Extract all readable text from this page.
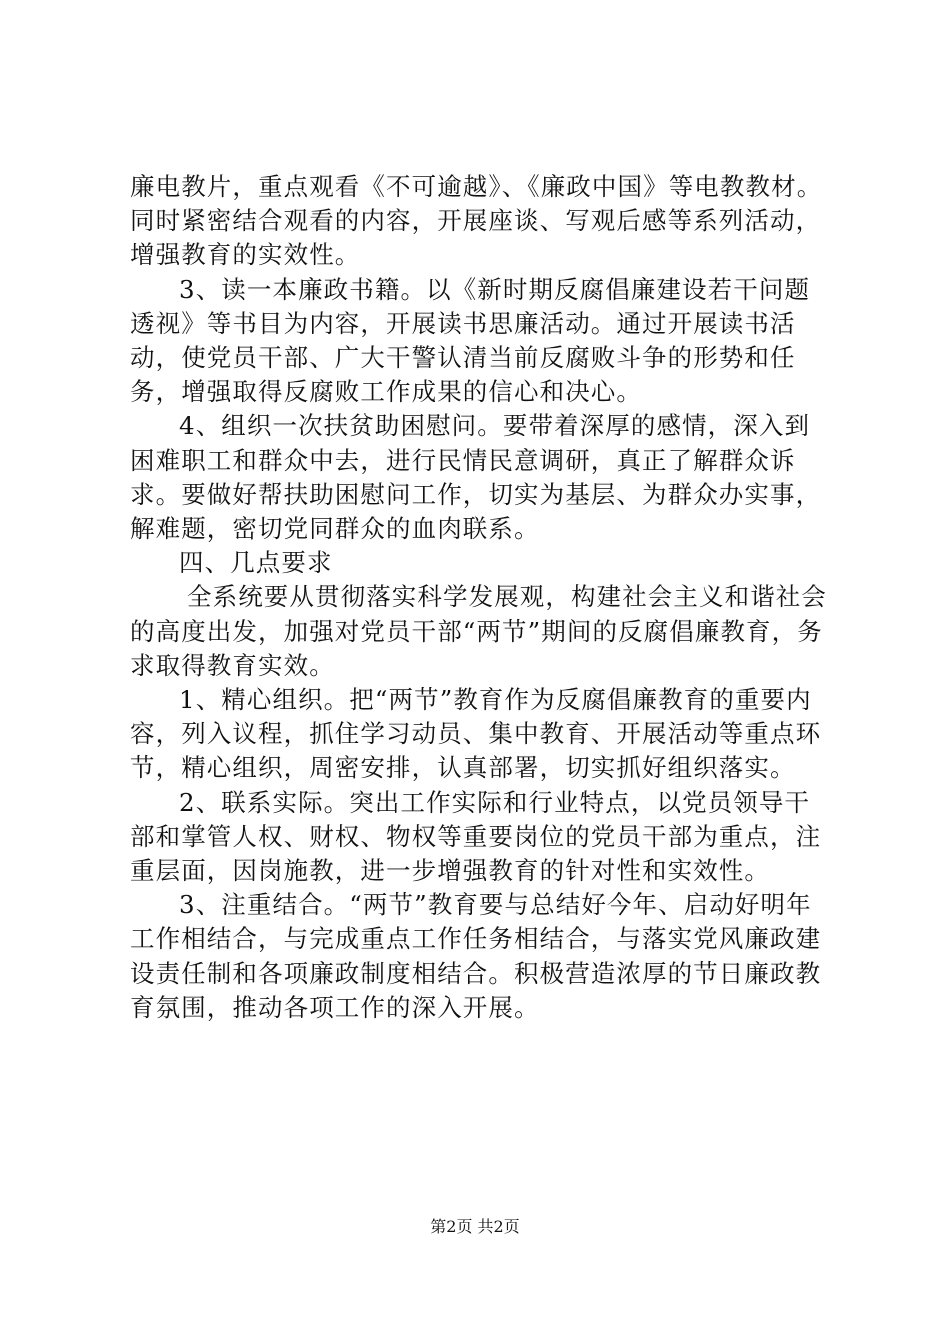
廉电教片，重点观看《不可逾越》、《廉政中国》等电教教材。同时紧密结合观看的内容，开展座谈、写观后感等系列活动，增强教育的实效性。

3、读一本廉政书籍。以《新时期反腐倡廉建设若干问题透视》等书目为内容，开展读书思廉活动。通过开展读书活动，使党员干部、广大干警认清当前反腐败斗争的形势和任务，增强取得反腐败工作成果的信心和决心。

4、组织一次扶贫助困慰问。要带着深厚的感情，深入到困难职工和群众中去，进行民情民意调研，真正了解群众诉求。要做好帮扶助困慰问工作，切实为基层、为群众办实事，解难题，密切党同群众的血肉联系。

四、几点要求

全系统要从贯彻落实科学发展观，构建社会主义和谐社会的高度出发，加强对党员干部“两节”期间的反腐倡廉教育，务求取得教育实效。

1、精心组织。把“两节”教育作为反腐倡廉教育的重要内容，列入议程，抓住学习动员、集中教育、开展活动等重点环节，精心组织，周密安排，认真部署，切实抓好组织落实。

2、联系实际。突出工作实际和行业特点，以党员领导干部和掌管人权、财权、物权等重要岗位的党员干部为重点，注重层面，因岗施教，进一步增强教育的针对性和实效性。

3、注重结合。“两节”教育要与总结好今年、启动好明年工作相结合，与完成重点工作任务相结合，与落实党风廉政建设责任制和各项廉政制度相结合。积极营造浓厚的节日廉政教育氛围，推动各项工作的深入开展。

第2页 共2页
